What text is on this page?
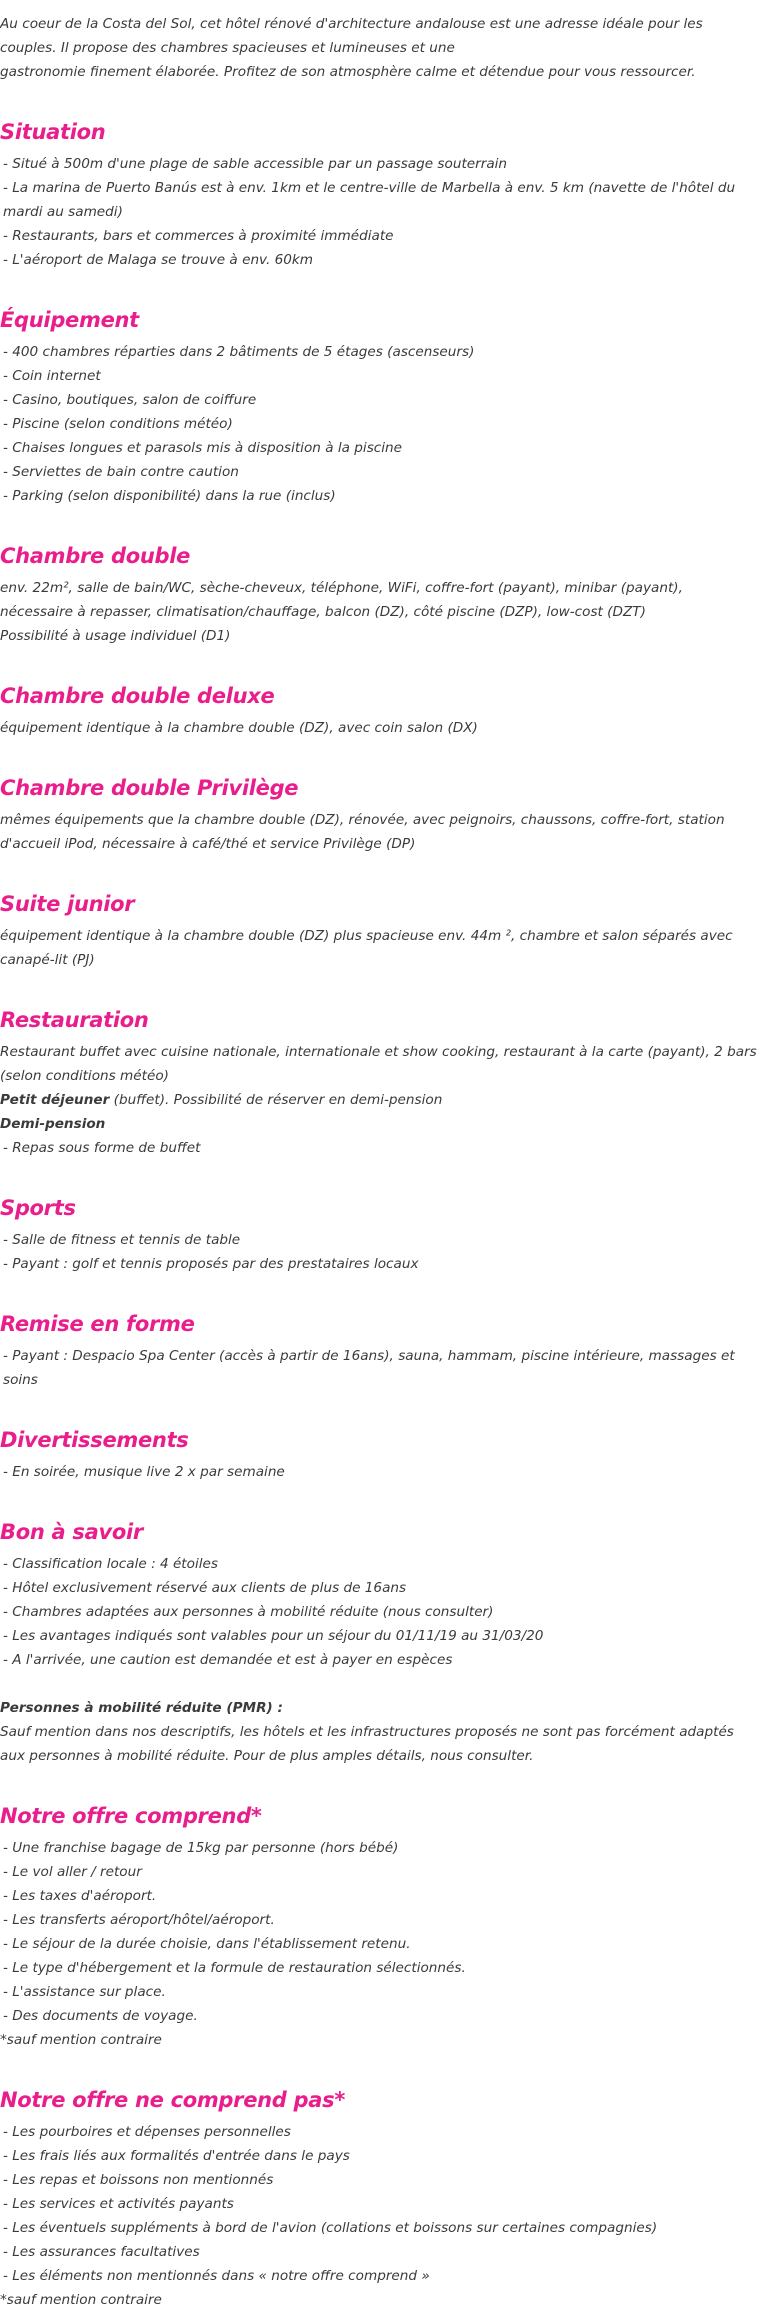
Au coeur de la Costa del Sol, cet hôtel rénové d'architecture andalouse est une adresse idéale pour les couples. Il propose des chambres spacieuses et lumineuses et une
gastronomie finement élaborée. Profitez de son atmosphère calme et détendue pour vous ressourcer.
Situation
- Situé à 500m d'une plage de sable accessible par un passage souterrain
- La marina de Puerto Banús est à env. 1km et le centre-ville de Marbella à env. 5 km (navette de l'hôtel du mardi au samedi)
- Restaurants, bars et commerces à proximité immédiate
- L'aéroport de Malaga se trouve à env. 60km
Équipement
- 400 chambres réparties dans 2 bâtiments de 5 étages (ascenseurs)
- Coin internet
- Casino, boutiques, salon de coiffure
- Piscine (selon conditions météo)
- Chaises longues et parasols mis à disposition à la piscine
- Serviettes de bain contre caution
- Parking (selon disponibilité) dans la rue (inclus)
Chambre double
env. 22m², salle de bain/WC, sèche-cheveux, téléphone, WiFi, coffre-fort (payant), minibar (payant), nécessaire à repasser, climatisation/chauffage, balcon (DZ), côté piscine (DZP), low-cost (DZT)
Possibilité à usage individuel (D1)
Chambre double deluxe
équipement identique à la chambre double (DZ), avec coin salon (DX)
Chambre double Privilège
mêmes équipements que la chambre double (DZ), rénovée, avec peignoirs, chaussons, coffre-fort, station d'accueil iPod, nécessaire à café/thé et service Privilège (DP)
Suite junior
équipement identique à la chambre double (DZ) plus spacieuse env. 44m ², chambre et salon séparés avec canapé-lit (PJ)
Restauration
Restaurant buffet avec cuisine nationale, internationale et show cooking, restaurant à la carte (payant), 2 bars (selon conditions météo)
Petit déjeuner (buffet). Possibilité de réserver en demi-pension
Demi-pension
- Repas sous forme de buffet
Sports
- Salle de fitness et tennis de table
- Payant : golf et tennis proposés par des prestataires locaux
Remise en forme
- Payant : Despacio Spa Center (accès à partir de 16ans), sauna, hammam, piscine intérieure, massages et soins
Divertissements
- En soirée, musique live 2 x par semaine
Bon à savoir
- Classification locale : 4 étoiles
- Hôtel exclusivement réservé aux clients de plus de 16ans
- Chambres adaptées aux personnes à mobilité réduite (nous consulter)
- Les avantages indiqués sont valables pour un séjour du 01/11/19 au 31/03/20
- A l'arrivée, une caution est demandée et est à payer en espèces
Personnes à mobilité réduite (PMR) :
Sauf mention dans nos descriptifs, les hôtels et les infrastructures proposés ne sont pas forcément adaptés aux personnes à mobilité réduite. Pour de plus amples détails, nous consulter.
Notre offre comprend*
- Une franchise bagage de 15kg par personne (hors bébé)
- Le vol aller / retour
- Les taxes d'aéroport.
- Les transferts aéroport/hôtel/aéroport.
- Le séjour de la durée choisie, dans l'établissement retenu.
- Le type d'hébergement et la formule de restauration sélectionnés.
- L'assistance sur place.
- Des documents de voyage.
*sauf mention contraire
Notre offre ne comprend pas*
- Les pourboires et dépenses personnelles
- Les frais liés aux formalités d'entrée dans le pays
- Les repas et boissons non mentionnés
- Les services et activités payants
- Les éventuels suppléments à bord de l'avion (collations et boissons sur certaines compagnies)
- Les assurances facultatives
- Les éléments non mentionnés dans « notre offre comprend »
*sauf mention contraire
